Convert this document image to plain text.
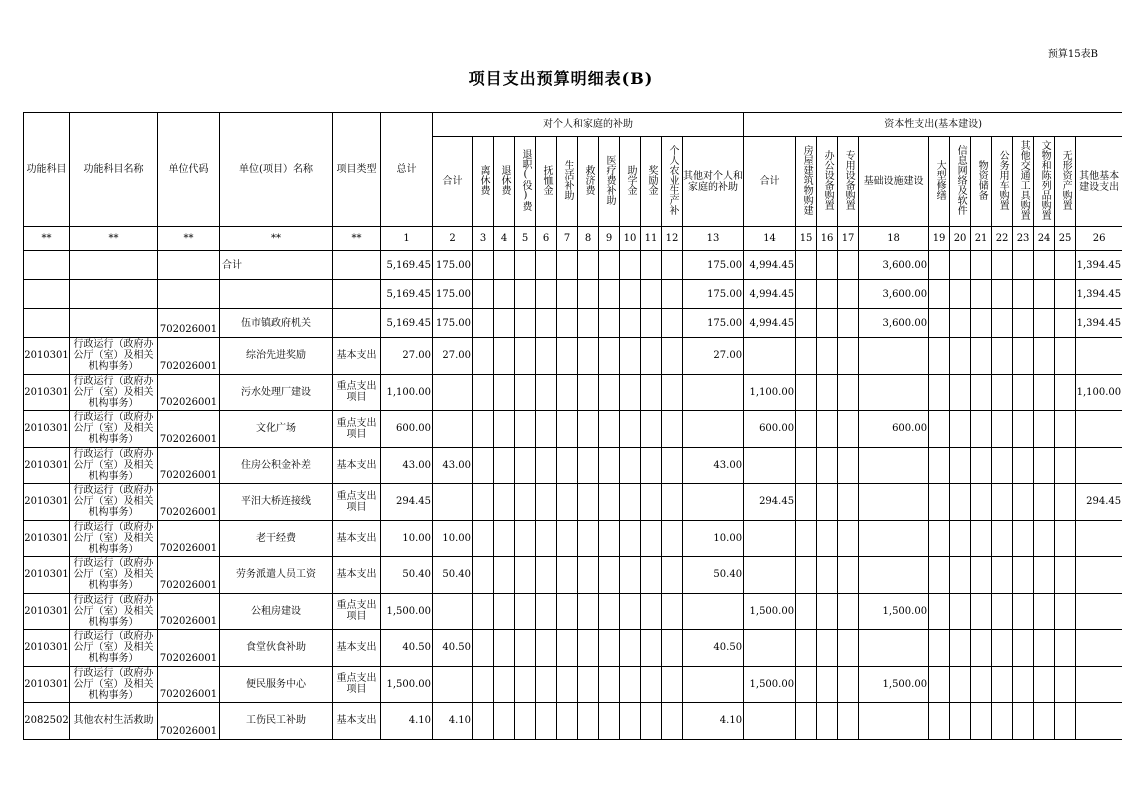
预算15表B
项目支出预算明细表(B)
功能科目	功能科目名称	单位代码	单位(项目）名称	项目类型	总计	对个人和家庭的补助												资本性支出(基本建设)												
						合计	离休费	退休费	退职(役)费	抚恤金	生活补助	救济费	医疗费补助	助学金	奖励金	个人农业生产补	其他对个人和家庭的补助	合计	房屋建筑物购建	办公设备购置	专用设备购置	基础设施建设	大型修缮	信息网络及软件	物资储备	公务用车购置	其他交通工具购置	文物和陈列品购置	无形资产购置	其他基本建设支出
**	**	**	**	**	1	2	3	4	5	6	7	8	9	10	11	12	13	14	15	16	17	18	19	20	21	22	23	24	25	26
			合计		5,169.45	175.00											175.00	4,994.45				3,600.00								1,394.45
					5,169.45	175.00											175.00	4,994.45				3,600.00								1,394.45
		702026001	伍市镇政府机关		5,169.45	175.00											175.00	4,994.45				3,600.00								1,394.45
2010301	行政运行（政府办公厅（室）及相关机构事务）	702026001	综治先进奖励	基本支出	27.00	27.00											27.00													
2010301	行政运行（政府办公厅（室）及相关机构事务）	702026001	污水处理厂建设	重点支出项目	1,100.00													1,100.00												1,100.00
2010301	行政运行（政府办公厅（室）及相关机构事务）	702026001	文化广场	重点支出项目	600.00													600.00				600.00								
2010301	行政运行（政府办公厅（室）及相关机构事务）	702026001	住房公积金补差	基本支出	43.00	43.00											43.00													
2010301	行政运行（政府办公厅（室）及相关机构事务）	702026001	平汨大桥连接线	重点支出项目	294.45													294.45												294.45
2010301	行政运行（政府办公厅（室）及相关机构事务）	702026001	老干经费	基本支出	10.00	10.00											10.00													
2010301	行政运行（政府办公厅（室）及相关机构事务）	702026001	劳务派遣人员工资	基本支出	50.40	50.40											50.40													
2010301	行政运行（政府办公厅（室）及相关机构事务）	702026001	公租房建设	重点支出项目	1,500.00													1,500.00				1,500.00								
2010301	行政运行（政府办公厅（室）及相关机构事务）	702026001	食堂伙食补助	基本支出	40.50	40.50											40.50													
2010301	行政运行（政府办公厅（室）及相关机构事务）	702026001	便民服务中心	重点支出项目	1,500.00													1,500.00				1,500.00								
2082502	其他农村生活救助	702026001	工伤民工补助	基本支出	4.10	4.10											4.10													
